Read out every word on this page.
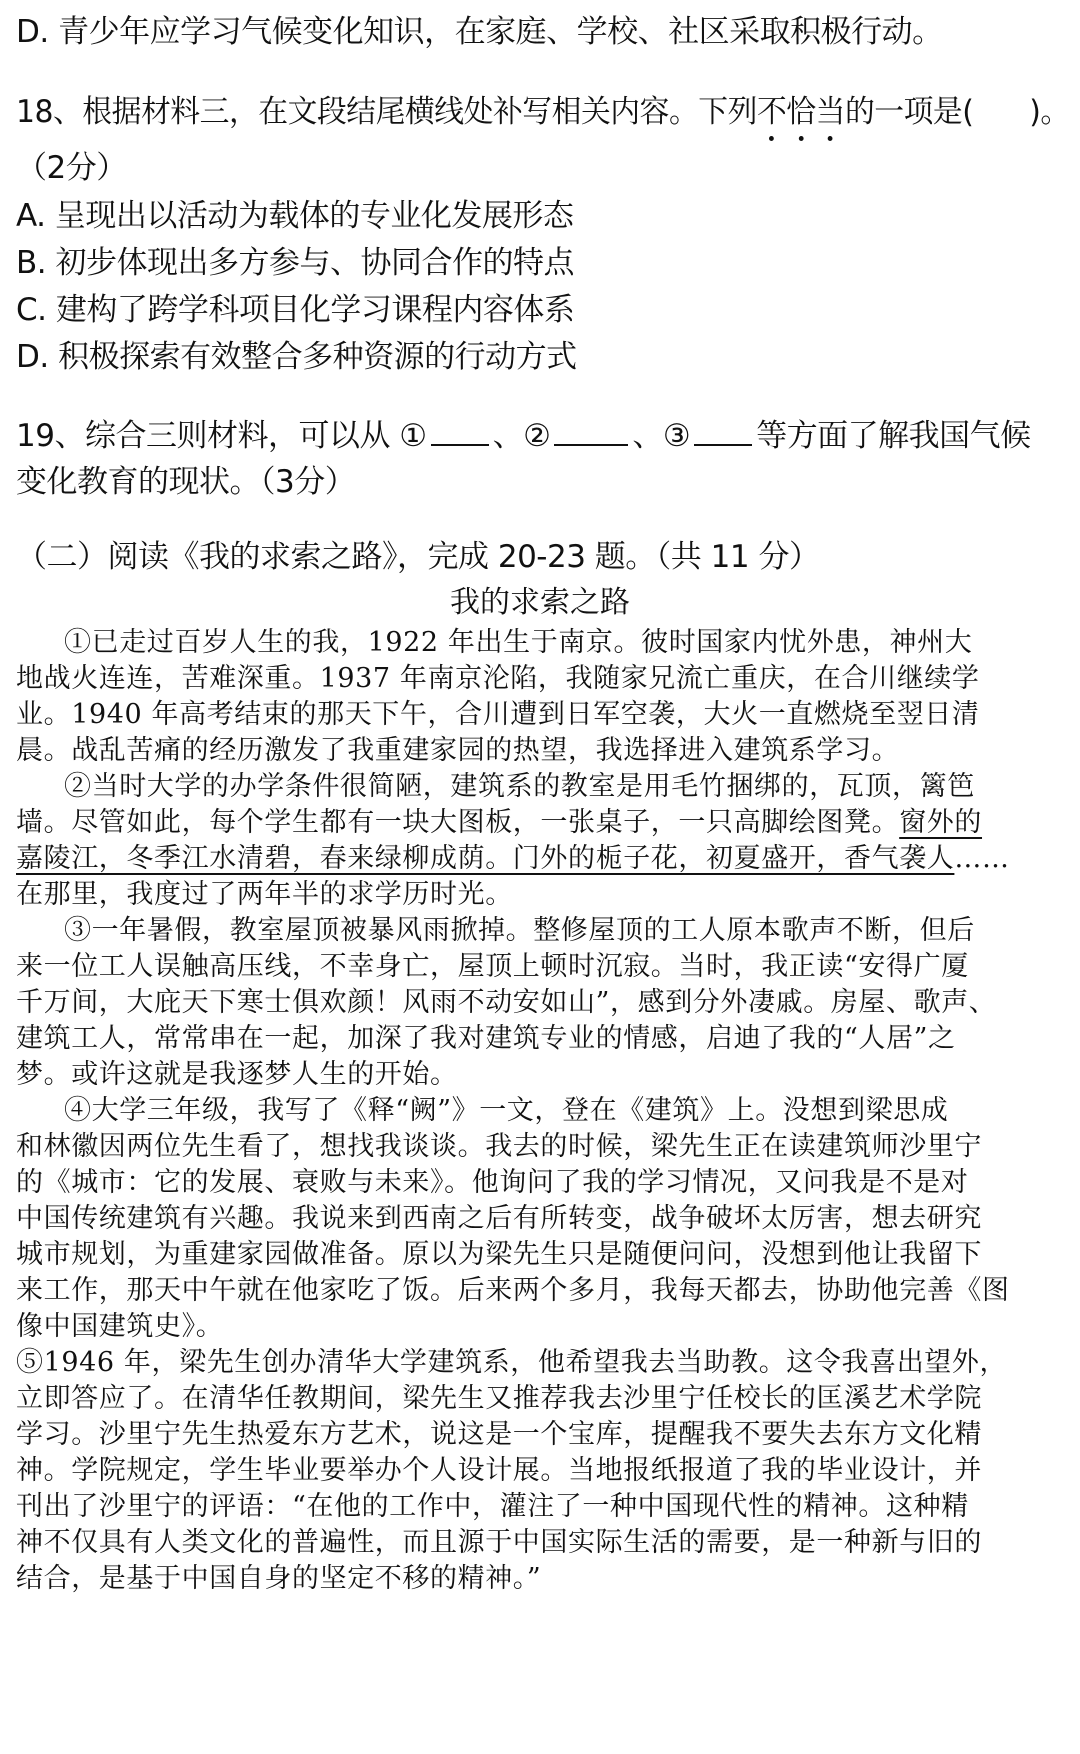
D. 青少年应学习气候变化知识，在家庭、学校、社区采取积极行动。
18、根据材料三，在文段结尾横线处补写相关内容。下列不恰当的一项是( )。
（2分）
A. 呈现出以活动为载体的专业化发展形态
B. 初步体现出多方参与、协同合作的特点
C. 建构了跨学科项目化学习课程内容体系
D. 积极探索有效整合多种资源的行动方式
19、综合三则材料，可以从 ① 、②	、③ 等方面了解我国气候
变化教育的现状。（3分）
（二）阅读《我的求索之路》，完成 20-23 题。（共 11 分）
我的求索之路
①已走过百岁人生的我，1922 年出生于南京。彼时国家内忧外患，神州大
地战火连连，苦难深重。1937 年南京沦陷，我随家兄流亡重庆，在合川继续学
业。1940 年高考结束的那天下午，合川遭到日军空袭，大火一直燃烧至翌日清
晨。战乱苦痛的经历激发了我重建家园的热望，我选择进入建筑系学习。
②当时大学的办学条件很简陋，建筑系的教室是用毛竹捆绑的，瓦顶，篱笆
墙。尽管如此，每个学生都有一块大图板，一张桌子，一只高脚绘图凳。窗外的
嘉陵江，冬季江水清碧，春来绿柳成荫。门外的栀子花，初夏盛开，香气袭人……
在那里，我度过了两年半的求学历时光。
③一年暑假，教室屋顶被暴风雨掀掉。整修屋顶的工人原本歌声不断，但后
来一位工人误触高压线，不幸身亡，屋顶上顿时沉寂。当时，我正读“安得广厦
千万间，大庇天下寒士俱欢颜！风雨不动安如山”，感到分外凄戚。房屋、歌声、
建筑工人，常常串在一起，加深了我对建筑专业的情感，启迪了我的“人居”之
梦。或许这就是我逐梦人生的开始。
④大学三年级，我写了《释“阙”》一文，登在《建筑》上。没想到梁思成
和林徽因两位先生看了，想找我谈谈。我去的时候，梁先生正在读建筑师沙里宁
的《城市：它的发展、衰败与未来》。他询问了我的学习情况，又问我是不是对
中国传统建筑有兴趣。我说来到西南之后有所转变，战争破坏太厉害，想去研究
城市规划，为重建家园做准备。原以为梁先生只是随便问问，没想到他让我留下
来工作，那天中午就在他家吃了饭。后来两个多月，我每天都去，协助他完善《图
像中国建筑史》。
⑤1946 年，梁先生创办清华大学建筑系，他希望我去当助教。这令我喜出望外，
立即答应了。在清华任教期间，梁先生又推荐我去沙里宁任校长的匡溪艺术学院
学习。沙里宁先生热爱东方艺术，说这是一个宝库，提醒我不要失去东方文化精
神。学院规定，学生毕业要举办个人设计展。当地报纸报道了我的毕业设计，并
刊出了沙里宁的评语：“在他的工作中，灌注了一种中国现代性的精神。这种精
神不仅具有人类文化的普遍性，而且源于中国实际生活的需要，是一种新与旧的
结合，是基于中国自身的坚定不移的精神。”
